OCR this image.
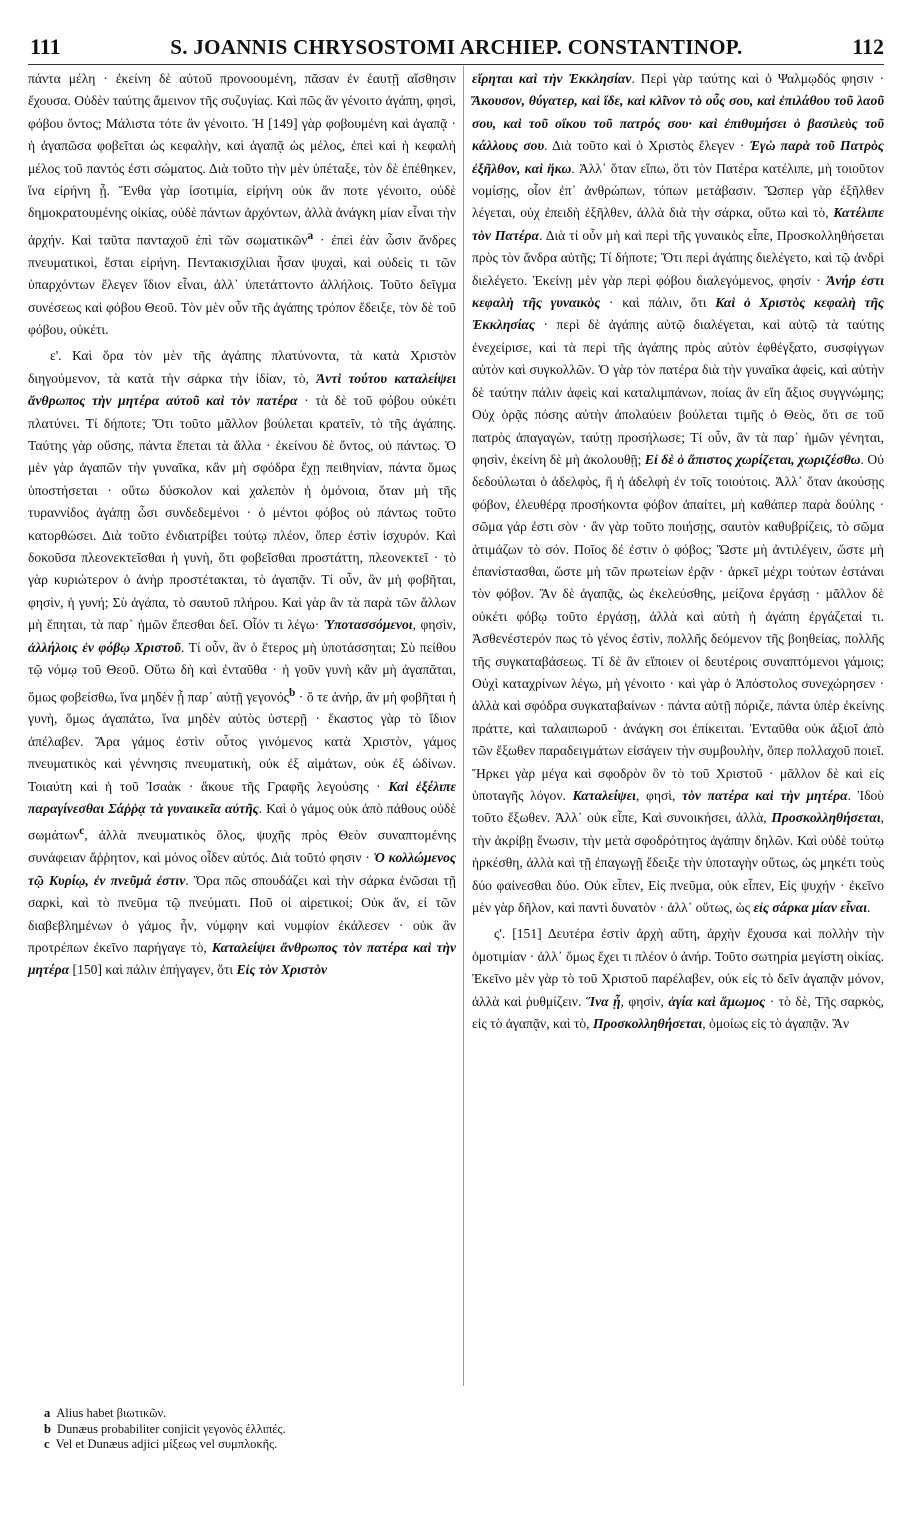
111	S. JOANNIS CHRYSOSTOMI ARCHIEP. CONSTANTINOP.	112

πάντα μέλη · ἐκείνη δὲ αὐτοῦ προνοουμένη, πᾶσαν ἐν ἑαυτῇ αἴσθησιν ἔχουσα. Οὐδὲν ταύτης ἄμεινον τῆς συζυγίας. Καὶ πῶς ἂν γένοιτο ἀγάπη, φησὶ, φόβου ὄντος; Μάλιστα τότε ἂν γένοιτο. Ἡ [149] γὰρ φοβουμένη καὶ ἀγαπᾷ · ἡ ἀγαπῶσα φοβεῖται ὡς κεφαλὴν, καὶ ἀγαπᾷ ὡς μέλος, ἐπεὶ καὶ ἡ κεφαλὴ μέλος τοῦ παντός ἐστι σώματος. Διὰ τοῦτο τὴν μὲν ὑπέταξε, τὸν δὲ ἐπέθηκεν, ἵνα εἰρήνη ᾖ. Ἔνθα γὰρ ἰσοτιμία, εἰρήνη οὐκ ἄν ποτε γένοιτο, οὐδὲ δημοκρατουμένης οἰκίας, οὐδὲ πάντων ἀρχόντων, ἀλλὰ ἀνάγκη μίαν εἶναι τὴν ἀρχήν. Καὶ ταῦτα πανταχοῦ ἐπὶ τῶν σωματικῶν$^a$ · ἐπεὶ ἐὰν ὦσιν ἄνδρες πνευματικοὶ, ἔσται εἰρήνη. Πεντακισχίλιαι ἦσαν ψυχαὶ, καὶ οὐδεὶς τι τῶν ὑπαρχόντων ἔλεγεν ἴδιον εἶναι, ἀλλ᾽ ὑπετάττοντο ἀλλήλοις. Τοῦτο δεῖγμα συνέσεως καὶ φόβου Θεοῦ. Τὸν μὲν οὖν τῆς ἀγάπης τρόπον ἔδειξε, τὸν δὲ τοῦ φόβου, οὐκέτι.

ε'. Καὶ ὅρα τὸν μὲν τῆς ἀγάπης πλατύνοντα, τὰ κατὰ Χριστὸν διηγούμενον, τὰ κατὰ τὴν σάρκα τὴν ἰδίαν, τὸ, Ἀντὶ τούτου καταλείψει ἄνθρωπος τὴν μητέρα αὐτοῦ καὶ τὸν πατέρα · τὰ δὲ τοῦ φόβου οὐκέτι πλατύνει. Τί δήποτε; Ὅτι τοῦτο μᾶλλον βούλεται κρατεῖν, τὸ τῆς ἀγάπης. Ταύτης γὰρ οὔσης, πάντα ἕπεται τὰ ἄλλα · ἐκείνου δὲ ὄντος, οὐ πάντως. Ὁ μὲν γὰρ ἀγαπῶν τὴν γυναῖκα, κἂν μὴ σφόδρα ἔχῃ πειθηνίαν, πάντα ὅμως ὑποστήσεται · οὕτω δύσκολον καὶ χαλεπὸν ἡ ὁμόνοια, ὅταν μὴ τῆς τυραννίδος ἀγάπῃ ὦσι συνδεδεμένοι · ὁ μέντοι φόβος οὐ πάντως τοῦτο κατορθώσει. Διὰ τοῦτο ἐνδιατρίβει τούτῳ πλέον, ὅπερ ἐστὶν ἰσχυρόν. Καὶ δοκοῦσα πλεονεκτεῖσθαι ἡ γυνὴ, ὅτι φοβεῖσθαι προστάττη, πλεονεκτεῖ · τὸ γὰρ κυριώτερον ὁ ἀνὴρ προστέτακται, τὸ ἀγαπᾷν. Τί οὖν, ἂν μὴ φοβῆται, φησὶν, ἡ γυνή; Σὺ ἀγάπα, τὸ σαυτοῦ πλήρου. Καὶ γὰρ ἂν τὰ παρὰ τῶν ἄλλων μὴ ἕπηται, τὰ παρ᾽ ἡμῶν ἕπεσθαι δεῖ. Οἷόν τι λέγω· Ὑποτασσόμενοι, φησὶν, ἀλλήλοις ἐν φόβῳ Χριστοῦ. Τί οὖν, ἂν ὁ ἕτερος μὴ ὑποτάσσηται; Σὺ πείθου τῷ νόμῳ τοῦ Θεοῦ. Οὕτω δὴ καὶ ἐνταῦθα · ἡ γοῦν γυνὴ κἂν μὴ ἀγαπᾶται, ὅμως φοβείσθω, ἵνα μηδὲν ᾖ παρ᾽ αὐτῇ γεγονός$^b$ · ὅ τε ἀνὴρ, ἂν μὴ φοβῆται ἡ γυνὴ, ὅμως ἀγαπάτω, ἵνα μηδὲν αὐτὸς ὑστερῇ · ἕκαστος γὰρ τὸ ἴδιον ἀπέλαβεν. Ἄρα γάμος ἐστὶν οὗτος γινόμενος κατὰ Χριστὸν, γάμος πνευματικὸς καὶ γέννησις πνευματικὴ, οὐκ ἐξ αἱμάτων, οὐκ ἐξ ὠδίνων. Τοιαύτη καὶ ἡ τοῦ Ἰσαὰκ · ἄκουε τῆς Γραφῆς λεγούσης · Καὶ ἐξέλιπε παραγίνεσθαι Σάῤῥᾳ τὰ γυναικεῖα αὐτῆς. Καὶ ὁ γάμος οὐκ ἀπὸ πάθους οὐδὲ σωμάτων$^c$, ἀλλὰ πνευματικὸς ὅλος, ψυχῆς πρὸς Θεὸν συναπτομένης συνάφειαν ἄῤῥητον, καὶ μόνος οἶδεν αὐτός. Διὰ τοῦτό φησιν · Ὁ κολλώμενος τῷ Κυρίῳ, ἐν πνεῦμά ἐστιν. Ὅρα πῶς σπουδάζει καὶ τὴν σάρκα ἑνῶσαι τῇ σαρκὶ, καὶ τὸ πνεῦμα τῷ πνεύματι. Ποῦ οἱ αἱρετικοί; Οὐκ ἄν, εἰ τῶν διαβεβλημένων ὁ γάμος ἦν, νύμφην καὶ νυμφίον ἐκάλεσεν · οὐκ ἂν προτρέπων ἐκεῖνο παρήγαγε τὸ, Καταλείψει ἄνθρωπος τὸν πατέρα καὶ τὴν μητέρα [150] καὶ πάλιν ἐπήγαγεν, ὅτι Εἰς τὸν Χριστὸν

εἴρηται καὶ τὴν Ἐκκλησίαν. Περὶ γὰρ ταύτης καὶ ὁ Ψαλμῳδός φησιν · Ἄκουσον, θύγατερ, καὶ ἴδε, καὶ κλῖνον τὸ οὖς σου, καὶ ἐπιλάθου τοῦ λαοῦ σου, καὶ τοῦ οἴκου τοῦ πατρός σου· καὶ ἐπιθυμήσει ὁ βασιλεὺς τοῦ κάλλους σου. Διὰ τοῦτο καὶ ὁ Χριστὸς ἔλεγεν · Ἐγὼ παρὰ τοῦ Πατρὸς ἐξῆλθον, καὶ ἥκω. Ἀλλ᾽ ὅταν εἴπω, ὅτι τὸν Πατέρα κατέλιπε, μὴ τοιοῦτον νομίσῃς, οἷον ἐπ᾽ ἀνθρώπων, τόπων μετάβασιν. Ὥσπερ γὰρ ἐξῆλθεν λέγεται, οὐχ ἐπειδὴ ἐξῆλθεν, ἀλλὰ διὰ τὴν σάρκα, οὕτω καὶ τὸ, Κατέλιπε τὸν Πατέρα. Διὰ τί οὖν μὴ καὶ περὶ τῆς γυναικὸς εἶπε, Προσκολληθήσεται πρὸς τὸν ἄνδρα αὐτῆς; Τί δήποτε; Ὅτι περὶ ἀγάπης διελέγετο, καὶ τῷ ἀνδρὶ διελέγετο. Ἐκείνῃ μὲν γὰρ περὶ φόβου διαλεγόμενος, φησίν · Ἀνήρ ἐστι κεφαλὴ τῆς γυναικὸς · καὶ πάλιν, ὅτι Καὶ ὁ Χριστὸς κεφαλὴ τῆς Ἐκκλησίας · περὶ δὲ ἀγάπης αὐτῷ διαλέγεται, καὶ αὐτῷ τὰ ταύτης ἐνεχείρισε, καὶ τὰ περὶ τῆς ἀγάπης πρὸς αὐτὸν ἐφθέγξατο, συσφίγγων αὐτὸν καὶ συγκολλῶν. Ὁ γὰρ τὸν πατέρα διὰ τὴν γυναῖκα ἀφεὶς, καὶ αὐτὴν δὲ ταύτην πάλιν ἀφεὶς καὶ καταλιμπάνων, ποίας ἂν εἴη ἄξιος συγγνώμης; Οὐχ ὁρᾷς πόσης αὐτὴν ἀπολαύειν βούλεται τιμῆς ὁ Θεὸς, ὅτι σε τοῦ πατρὸς ἀπαγαγὼν, ταύτῃ προσήλωσε; Τί οὖν, ἂν τὰ παρ᾽ ἡμῶν γένηται, φησὶν, ἐκείνη δὲ μὴ ἀκολουθῇ; Εἰ δὲ ὁ ἄπιστος χωρίζεται, χωριζέσθω. Οὐ δεδούλωται ὁ ἀδελφὸς, ἢ ἡ ἀδελφὴ ἐν τοῖς τοιούτοις. Ἀλλ᾽ ὅταν ἀκούσῃς φόβον, ἐλευθέρᾳ προσήκοντα φόβον ἀπαίτει, μὴ καθάπερ παρὰ δούλης · σῶμα γάρ ἐστι σὸν · ἂν γὰρ τοῦτο ποιήσῃς, σαυτὸν καθυβρίζεις, τὸ σῶμα ἀτιμάζων τὸ σόν. Ποῖος δέ ἐστιν ὁ φόβος; Ὥστε μὴ ἀντιλέγειν, ὥστε μὴ ἐπανίστασθαι, ὥστε μὴ τῶν πρωτείων ἐρᾷν · ἀρκεῖ μέχρι τούτων ἑστάναι τὸν φόβον. Ἂν δὲ ἀγαπᾷς, ὡς ἐκελεύσθης, μείζονα ἐργάσῃ · μᾶλλον δὲ οὐκέτι φόβῳ τοῦτο ἐργάσῃ, ἀλλὰ καὶ αὐτὴ ἡ ἀγάπη ἐργάζεταί τι. Ἀσθενέστερόν πως τὸ γένος ἐστὶν, πολλῆς δεόμενον τῆς βοηθείας, πολλῆς τῆς συγκαταβάσεως. Τί δὲ ἂν εἴποιεν οἱ δευτέροις συναπτόμενοι γάμοις; Οὐχὶ καταχρίνων λέγω, μὴ γένοιτο · καὶ γὰρ ὁ Ἀπόστολος συνεχώρησεν · ἀλλὰ καὶ σφόδρα συγκαταβαίνων · πάντα αὐτῇ πόριζε, πάντα ὑπὲρ ἐκείνης πράττε, καὶ ταλαιπωροῦ · ἀνάγκη σοι ἐπίκειται. Ἐνταῦθα οὐκ ἀξιοῖ ἀπὸ τῶν ἔξωθεν παραδειγμάτων εἰσάγειν τὴν συμβουλὴν, ὅπερ πολλαχοῦ ποιεῖ. Ἤρκει γὰρ μέγα καὶ σφοδρὸν ὂν τὸ τοῦ Χριστοῦ · μᾶλλον δὲ καὶ εἰς ὑποταγῆς λόγον. Καταλείψει, φησὶ, τὸν πατέρα καὶ τὴν μητέρα. Ἰδοὺ τοῦτο ἔξωθεν. Ἀλλ᾽ οὐκ εἶπε, Καὶ συνοικήσει, ἀλλὰ, Προσκολληθήσεται, τὴν ἀκρίβῃ ἕνωσιν, τὴν μετὰ σφοδρότητος ἀγάπην δηλῶν. Καὶ οὐδὲ τούτῳ ἠρκέσθη, ἀλλὰ καὶ τῇ ἐπαγωγῇ ἔδειξε τὴν ὑποταγὴν οὕτως, ὡς μηκέτι τοὺς δύο φαίνεσθαι δύο. Οὐκ εἶπεν, Εἰς πνεῦμα, οὐκ εἶπεν, Εἰς ψυχήν · ἐκεῖνο μὲν γὰρ δῆλον, καὶ παντὶ δυνατὸν · ἀλλ᾽ οὕτως, ὡς εἰς σάρκα μίαν εἶναι.

ς'. [151] Δευτέρα ἐστὶν ἀρχὴ αὕτη, ἀρχὴν ἔχουσα καὶ πολλὴν τὴν ὁμοτιμίαν · ἀλλ᾽ ὅμως ἔχει τι πλέον ὁ ἀνήρ. Τοῦτο σωτηρία μεγίστη οἰκίας. Ἐκεῖνο μὲν γὰρ τὸ τοῦ Χριστοῦ παρέλαβεν, οὐκ εἰς τὸ δεῖν ἀγαπᾷν μόνον, ἀλλὰ καὶ ῥυθμίζειν. Ἵνα ᾖ, φησὶν, ἁγία καὶ ἄμωμος · τὸ δὲ, Τῆς σαρκὸς, εἰς τὸ ἀγαπᾷν, καὶ τὸ, Προσκολληθήσεται, ὁμοίως εἰς τὸ ἀγαπᾷν. Ἂν

a Alius habet βιωτικῶν.
b Dunæus probabiliter conjicit γεγονὸς ἐλλιπές.
c Vel et Dunæus adjici μίξεως vel συμπλοκῆς.
